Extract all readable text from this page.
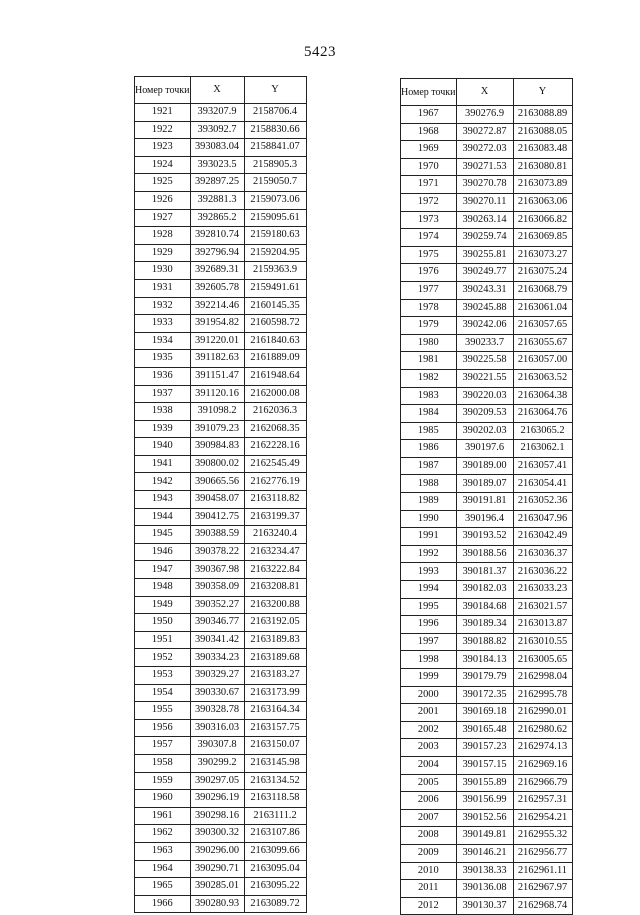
5423
Номер точки	X	Y
1921	393207.9	2158706.4
1922	393092.7	2158830.66
1923	393083.04	2158841.07
1924	393023.5	2158905.3
1925	392897.25	2159050.7
1926	392881.3	2159073.06
1927	392865.2	2159095.61
1928	392810.74	2159180.63
1929	392796.94	2159204.95
1930	392689.31	2159363.9
1931	392605.78	2159491.61
1932	392214.46	2160145.35
1933	391954.82	2160598.72
1934	391220.01	2161840.63
1935	391182.63	2161889.09
1936	391151.47	2161948.64
1937	391120.16	2162000.08
1938	391098.2	2162036.3
1939	391079.23	2162068.35
1940	390984.83	2162228.16
1941	390800.02	2162545.49
1942	390665.56	2162776.19
1943	390458.07	2163118.82
1944	390412.75	2163199.37
1945	390388.59	2163240.4
1946	390378.22	2163234.47
1947	390367.98	2163222.84
1948	390358.09	2163208.81
1949	390352.27	2163200.88
1950	390346.77	2163192.05
1951	390341.42	2163189.83
1952	390334.23	2163189.68
1953	390329.27	2163183.27
1954	390330.67	2163173.99
1955	390328.78	2163164.34
1956	390316.03	2163157.75
1957	390307.8	2163150.07
1958	390299.2	2163145.98
1959	390297.05	2163134.52
1960	390296.19	2163118.58
1961	390298.16	2163111.2
1962	390300.32	2163107.86
1963	390296.00	2163099.66
1964	390290.71	2163095.04
1965	390285.01	2163095.22
1966	390280.93	2163089.72
Номер точки	X	Y
1967	390276.9	2163088.89
1968	390272.87	2163088.05
1969	390272.03	2163083.48
1970	390271.53	2163080.81
1971	390270.78	2163073.89
1972	390270.11	2163063.06
1973	390263.14	2163066.82
1974	390259.74	2163069.85
1975	390255.81	2163073.27
1976	390249.77	2163075.24
1977	390243.31	2163068.79
1978	390245.88	2163061.04
1979	390242.06	2163057.65
1980	390233.7	2163055.67
1981	390225.58	2163057.00
1982	390221.55	2163063.52
1983	390220.03	2163064.38
1984	390209.53	2163064.76
1985	390202.03	2163065.2
1986	390197.6	2163062.1
1987	390189.00	2163057.41
1988	390189.07	2163054.41
1989	390191.81	2163052.36
1990	390196.4	2163047.96
1991	390193.52	2163042.49
1992	390188.56	2163036.37
1993	390181.37	2163036.22
1994	390182.03	2163033.23
1995	390184.68	2163021.57
1996	390189.34	2163013.87
1997	390188.82	2163010.55
1998	390184.13	2163005.65
1999	390179.79	2162998.04
2000	390172.35	2162995.78
2001	390169.18	2162990.01
2002	390165.48	2162980.62
2003	390157.23	2162974.13
2004	390157.15	2162969.16
2005	390155.89	2162966.79
2006	390156.99	2162957.31
2007	390152.56	2162954.21
2008	390149.81	2162955.32
2009	390146.21	2162956.77
2010	390138.33	2162961.11
2011	390136.08	2162967.97
2012	390130.37	2162968.74
